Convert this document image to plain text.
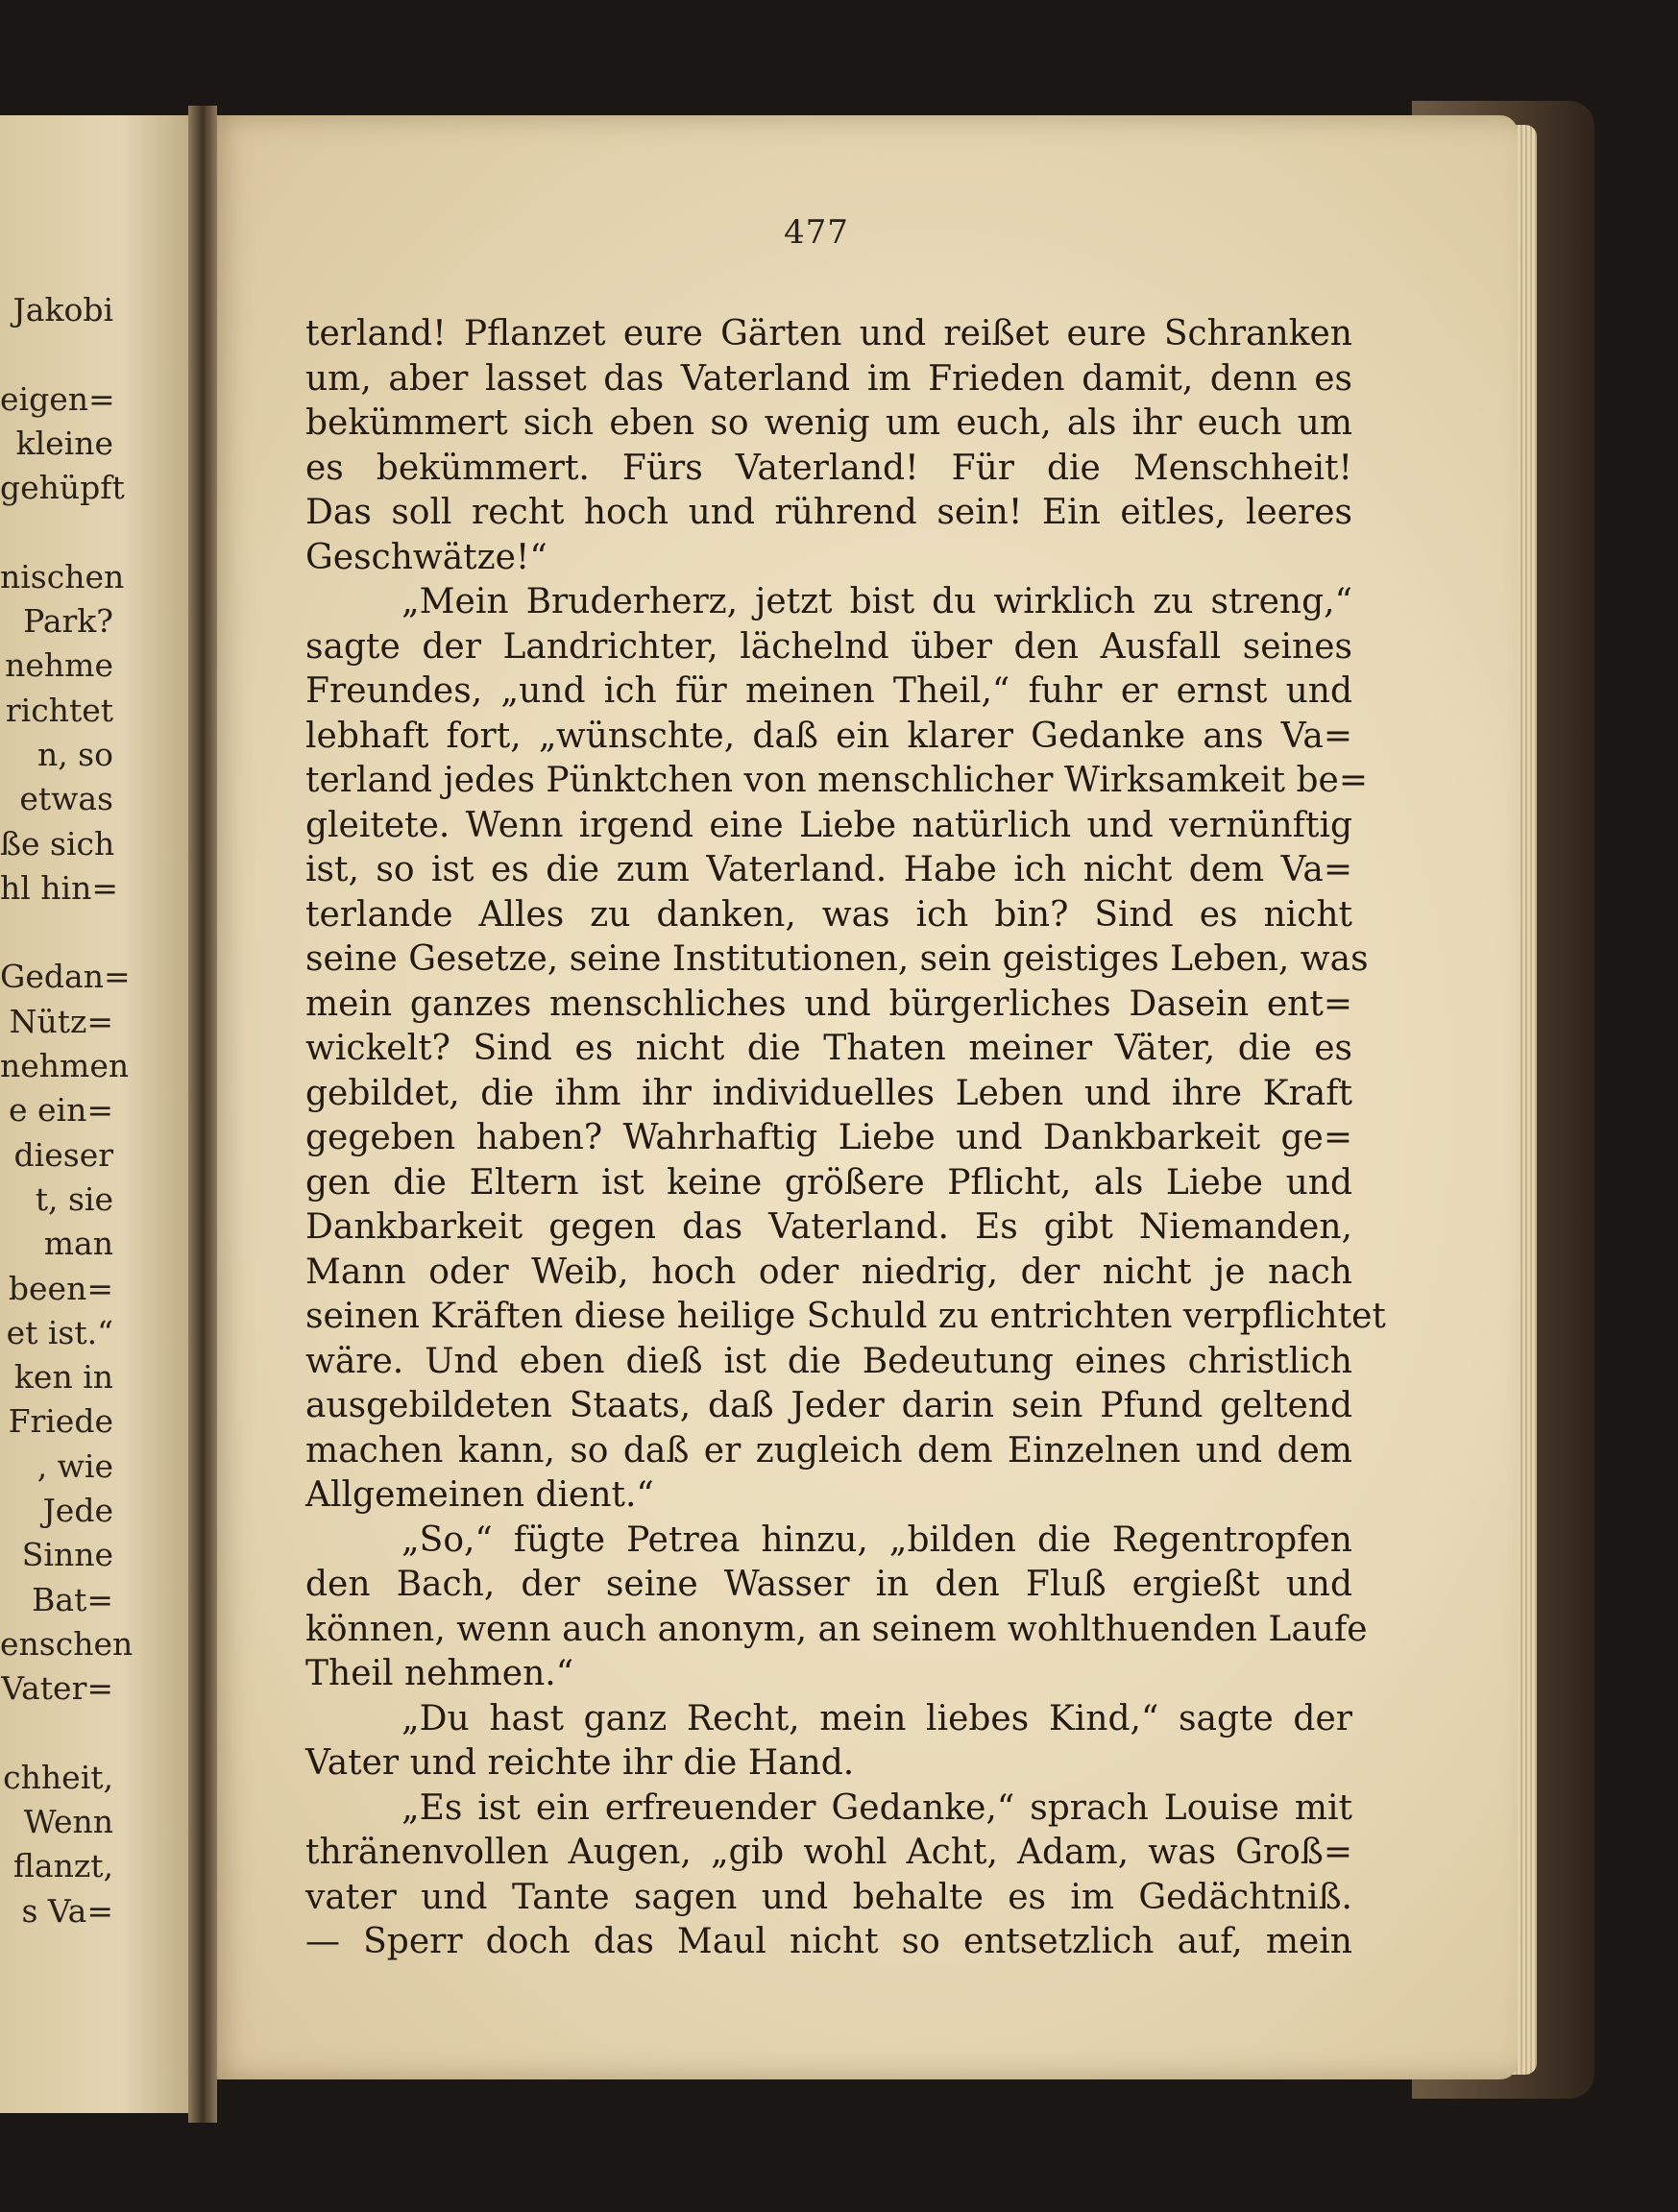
Jakobi
eigen=
kleine
gehüpft
nischen
Park?
nehme
richtet
n, so
etwas
ße sich
hl hin=
Gedan=
Nütz=
nehmen
e ein=
dieser
t, sie
man
been=
et ist.“
ken in
Friede
, wie
Jede
Sinne
Bat=
enschen
Vater=
chheit,
Wenn
flanzt,
s Va=
477
terland! Pflanzet eure Gärten und reißet eure Schranken
um, aber lasset das Vaterland im Frieden damit, denn es
bekümmert sich eben so wenig um euch, als ihr euch um
es bekümmert. Fürs Vaterland! Für die Menschheit!
Das soll recht hoch und rührend sein! Ein eitles, leeres
Geschwätze!“
„Mein Bruderherz, jetzt bist du wirklich zu streng,“
sagte der Landrichter, lächelnd über den Ausfall seines
Freundes, „und ich für meinen Theil,“ fuhr er ernst und
lebhaft fort, „wünschte, daß ein klarer Gedanke ans Va=
terland jedes Pünktchen von menschlicher Wirksamkeit be=
gleitete. Wenn irgend eine Liebe natürlich und vernünftig
ist, so ist es die zum Vaterland. Habe ich nicht dem Va=
terlande Alles zu danken, was ich bin? Sind es nicht
seine Gesetze, seine Institutionen, sein geistiges Leben, was
mein ganzes menschliches und bürgerliches Dasein ent=
wickelt? Sind es nicht die Thaten meiner Väter, die es
gebildet, die ihm ihr individuelles Leben und ihre Kraft
gegeben haben? Wahrhaftig Liebe und Dankbarkeit ge=
gen die Eltern ist keine größere Pflicht, als Liebe und
Dankbarkeit gegen das Vaterland. Es gibt Niemanden,
Mann oder Weib, hoch oder niedrig, der nicht je nach
seinen Kräften diese heilige Schuld zu entrichten verpflichtet
wäre. Und eben dieß ist die Bedeutung eines christlich
ausgebildeten Staats, daß Jeder darin sein Pfund geltend
machen kann, so daß er zugleich dem Einzelnen und dem
Allgemeinen dient.“
„So,“ fügte Petrea hinzu, „bilden die Regentropfen
den Bach, der seine Wasser in den Fluß ergießt und
können, wenn auch anonym, an seinem wohlthuenden Laufe
Theil nehmen.“
„Du hast ganz Recht, mein liebes Kind,“ sagte der
Vater und reichte ihr die Hand.
„Es ist ein erfreuender Gedanke,“ sprach Louise mit
thränenvollen Augen, „gib wohl Acht, Adam, was Groß=
vater und Tante sagen und behalte es im Gedächtniß.
— Sperr doch das Maul nicht so entsetzlich auf, mein
